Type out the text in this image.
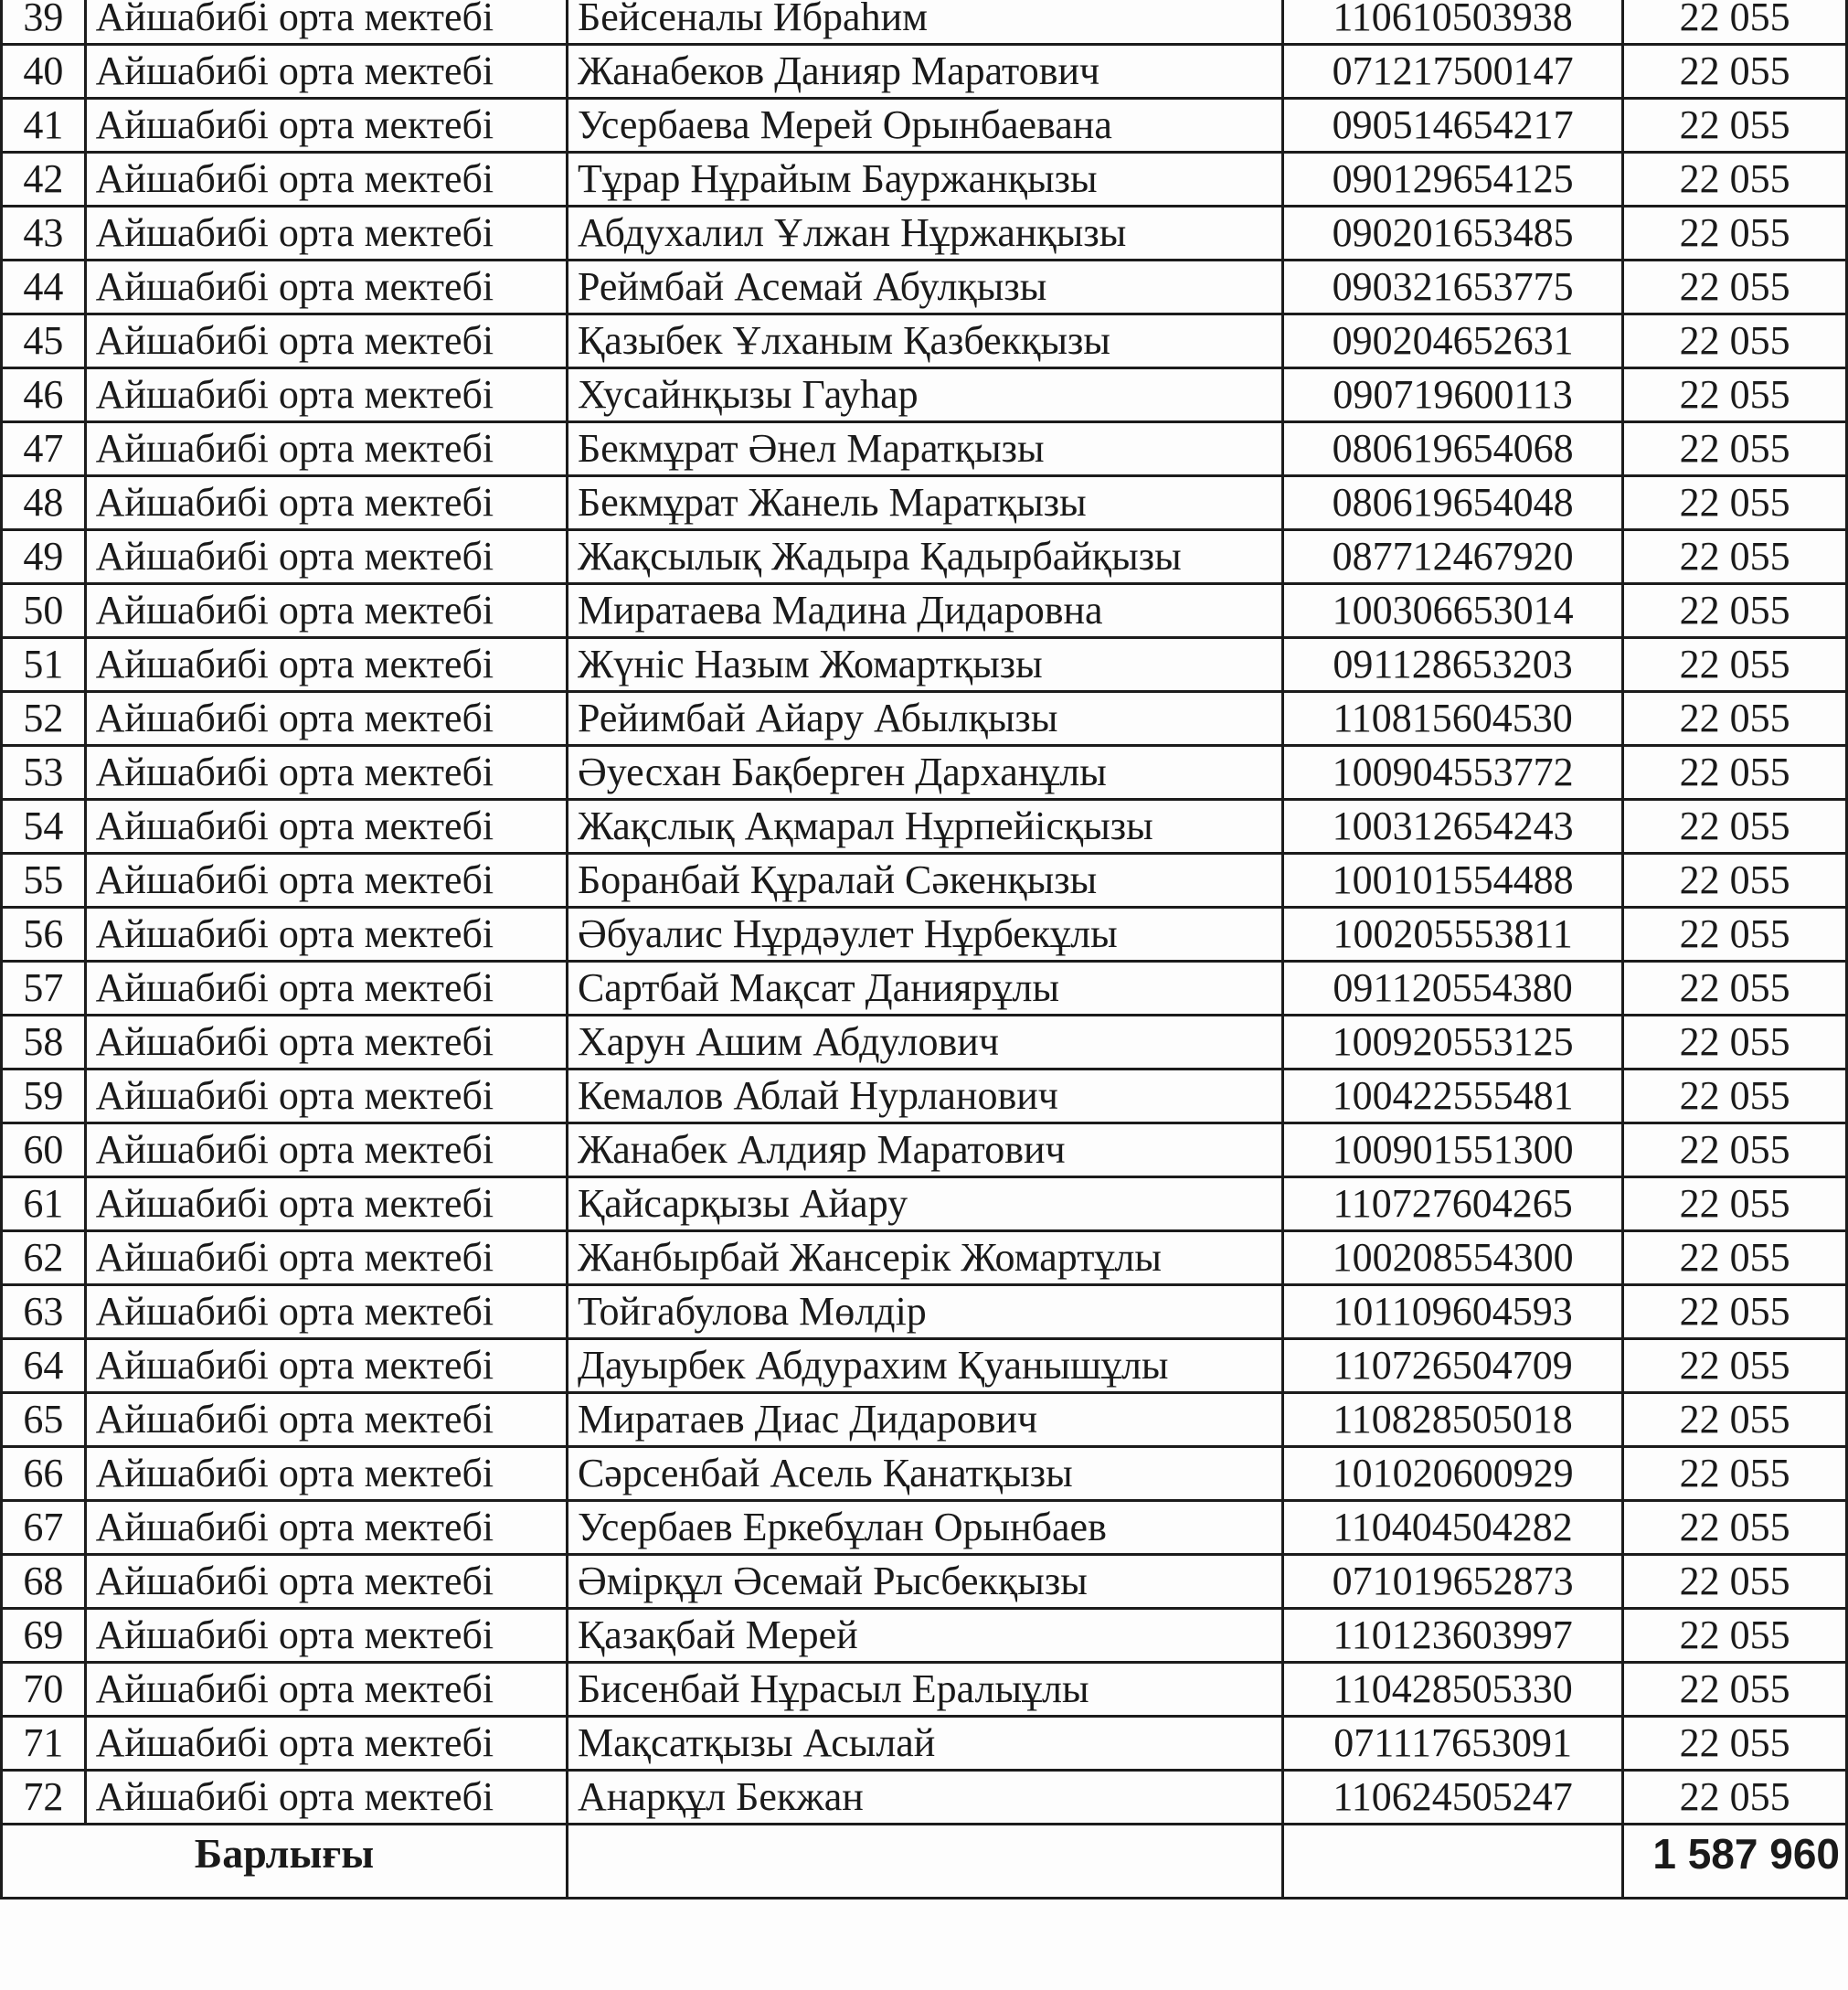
39	Айшабибі орта мектебі	Бейсеналы Ибраhим	110610503938	22 055
40	Айшабибі орта мектебі	Жанабеков Данияр Маратович	071217500147	22 055
41	Айшабибі орта мектебі	Усербаева Мерей Орынбаевана	090514654217	22 055
42	Айшабибі орта мектебі	Тұрар Нұрайым Бауржанқызы	090129654125	22 055
43	Айшабибі орта мектебі	Абдухалил Ұлжан Нұржанқызы	090201653485	22 055
44	Айшабибі орта мектебі	Реймбай Асемай Абулқызы	090321653775	22 055
45	Айшабибі орта мектебі	Қазыбек Ұлханым Қазбекқызы	090204652631	22 055
46	Айшабибі орта мектебі	Хусайнқызы Гауһар	090719600113	22 055
47	Айшабибі орта мектебі	Бекмұрат Әнел Маратқызы	080619654068	22 055
48	Айшабибі орта мектебі	Бекмұрат Жанель Маратқызы	080619654048	22 055
49	Айшабибі орта мектебі	Жақсылық Жадыра Қадырбайқызы	087712467920	22 055
50	Айшабибі орта мектебі	Миратаева Мадина Дидаровна	100306653014	22 055
51	Айшабибі орта мектебі	Жүніс Назым Жомартқызы	091128653203	22 055
52	Айшабибі орта мектебі	Рейимбай Айару Абылқызы	110815604530	22 055
53	Айшабибі орта мектебі	Әуесхан Бақберген Дарханұлы	100904553772	22 055
54	Айшабибі орта мектебі	Жақслық Ақмарал Нұрпейісқызы	100312654243	22 055
55	Айшабибі орта мектебі	Боранбай Құралай Сәкенқызы	100101554488	22 055
56	Айшабибі орта мектебі	Әбуалис Нұрдәулет Нұрбекұлы	100205553811	22 055
57	Айшабибі орта мектебі	Сартбай Мақсат Даниярұлы	091120554380	22 055
58	Айшабибі орта мектебі	Харун Ашим Абдулович	100920553125	22 055
59	Айшабибі орта мектебі	Кемалов Аблай Нурланович	100422555481	22 055
60	Айшабибі орта мектебі	Жанабек Алдияр Маратович	100901551300	22 055
61	Айшабибі орта мектебі	Қайсарқызы Айару	110727604265	22 055
62	Айшабибі орта мектебі	Жанбырбай Жансерік Жомартұлы	100208554300	22 055
63	Айшабибі орта мектебі	Тойгабулова Мөлдір	101109604593	22 055
64	Айшабибі орта мектебі	Дауырбек Абдурахим Қуанышұлы	110726504709	22 055
65	Айшабибі орта мектебі	Миратаев Диас Дидарович	110828505018	22 055
66	Айшабибі орта мектебі	Сәрсенбай Асель Қанатқызы	101020600929	22 055
67	Айшабибі орта мектебі	Усербаев Еркебұлан Орынбаев	110404504282	22 055
68	Айшабибі орта мектебі	Әмірқұл Әсемай Рысбекқызы	071019652873	22 055
69	Айшабибі орта мектебі	Қазақбай Мерей	110123603997	22 055
70	Айшабибі орта мектебі	Бисенбай Нұрасыл Ералыұлы	110428505330	22 055
71	Айшабибі орта мектебі	Мақсатқызы Асылай	071117653091	22 055
72	Айшабибі орта мектебі	Анарқұл Бекжан	110624505247	22 055
Барлығы				1 587 960
